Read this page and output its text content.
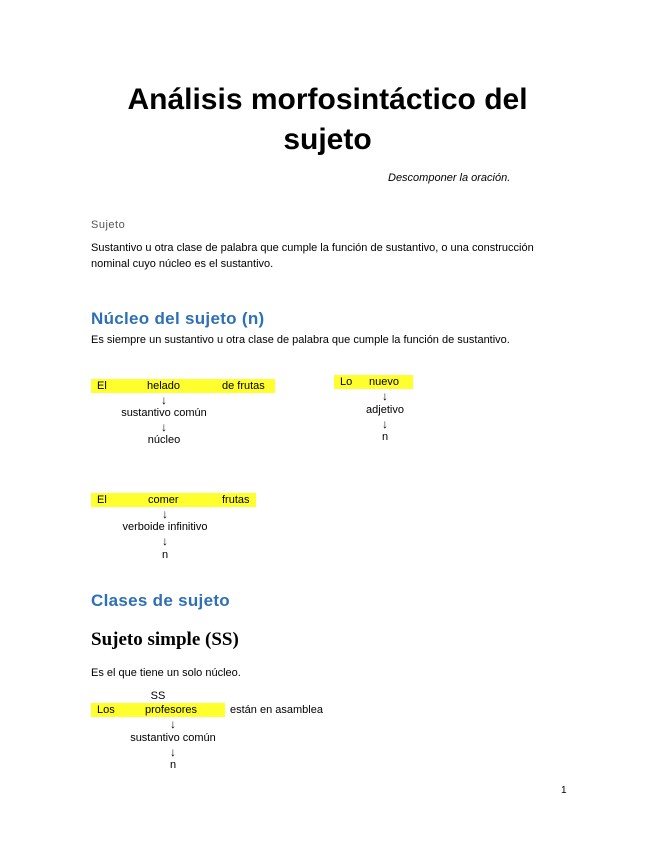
Análisis morfosintáctico del
sujeto
Descomponer la oración.
Sujeto
Sustantivo u otra clase de palabra que cumple la función de sustantivo, o una construcción
nominal cuyo núcleo es el sustantivo.
Núcleo del sujeto (n)
Es siempre un sustantivo u otra clase de palabra que cumple la función de sustantivo.
El	helado	de frutas
↓
sustantivo común
↓
núcleo
Lo nuevo
↓
adjetivo
↓
n
El	comer	frutas
↓
verboide infinitivo
↓
n
Clases de sujeto
Sujeto simple (SS)
Es el que tiene un solo núcleo.
SS
Los	profesores	están en asamblea
↓
sustantivo común
↓
n
1
